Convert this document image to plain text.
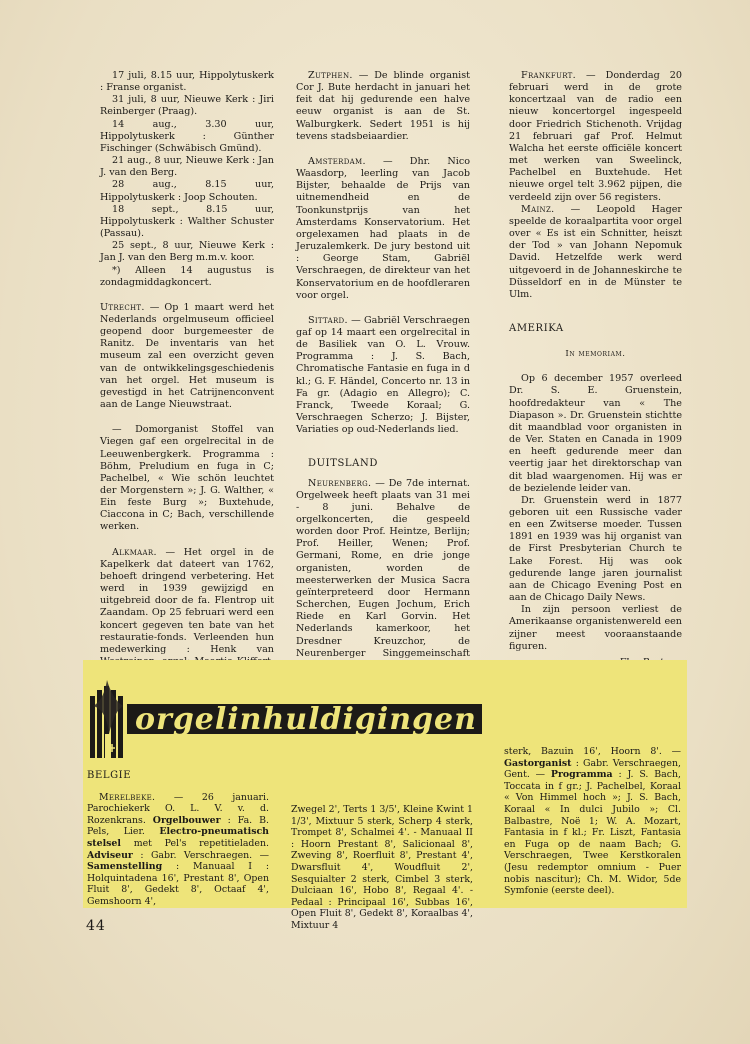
17 juli, 8.15 uur, Hippolytuskerk : Franse organist.

31 juli, 8 uur, Nieuwe Kerk : Jiri Reinberger (Praag).

14 aug., 3.30 uur, Hippolytuskerk : Günther Fischinger (Schwäbisch Gmünd).

21 aug., 8 uur, Nieuwe Kerk : Jan J. van den Berg.

28 aug., 8.15 uur, Hippolytuskerk : Joop Schouten.

18 sept., 8.15 uur, Hippolytuskerk : Walther Schuster (Passau).

25 sept., 8 uur, Nieuwe Kerk : Jan J. van den Berg m.m.v. koor.

*) Alleen 14 augustus is zondagmiddagkoncert.

Utrecht. — Op 1 maart werd het Nederlands orgelmuseum officieel geopend door burgemeester de Ranitz. De inventaris van het museum zal een overzicht geven van de ontwikkelingsgeschiedenis van het orgel. Het museum is gevestigd in het Catrijnenconvent aan de Lange Nieuwstraat.

— Domorganist Stoffel van Viegen gaf een orgelrecital in de Leeuwenbergkerk. Programma : Böhm, Preludium en fuga in C; Pachelbel, « Wie schön leuchtet der Morgenstern »; J. G. Walther, « Ein feste Burg »; Buxtehude, Ciaccona in C; Bach, verschillende werken.

Alkmaar. — Het orgel in de Kapelkerk dat dateert van 1762, behoeft dringend verbetering. Het werd in 1939 gewijzigd en uitgebreid door de fa. Flentrop uit Zaandam. Op 25 februari werd een koncert gegeven ten bate van het restauratie-fonds. Verleenden hun medewerking : Henk van

Zutphen. — De blinde organist Cor J. Bute herdacht in januari het feit dat hij gedurende een halve eeuw organist is aan de St. Walburgkerk. Sedert 1951 is hij tevens stadsbeiaardier.

Amsterdam. — Dhr. Nico Waasdorp, leerling van Jacob Bijster, behaalde de Prijs van uitnemendheid en de Toonkunstprijs van het Amsterdams Konservatorium. Het orgelexamen had plaats in de Jeruzalemkerk. De jury bestond uit : George Stam, Gabriël Verschraegen, de direkteur van het Konservatorium en de hoofdleraren voor orgel.

Sittard. — Gabriël Verschraegen gaf op 14 maart een orgelrecital in de Basiliek van O. L. Vrouw. Programma : J. S. Bach, Chromatische Fantasie en fuga in d kl.; G. F. Händel, Concerto nr. 13 in Fa gr. (Adagio en Allegro); C. Franck, Tweede Koraal; G. Verschraegen Scherzo; J. Bijster, Variaties op oud-Nederlands lied.

DUITSLAND

Neurenberg. — De 7de internat. Orgelweek heeft plaats van 31 mei - 8 juni. Behalve de orgelkoncerten, die gespeeld worden door Prof. Heintze, Berlijn; Prof. Heiller, Wenen; Prof. Germani, Rome, en drie jonge organisten, worden de meesterwerken der Musica Sacra geïnterpreteerd door Hermann Scherchen, Eugen Jochum, Erich Riede en Karl Gorvin. Het Nederlands kamerkoor, het Dresdner Kreuzchor, de Neurenberger Singgemeinschaft

Frankfurt. — Donderdag 20 februari werd in de grote koncertzaal van de radio een nieuw koncertorgel ingespeeld door Friedrich Stichenoth. Vrijdag 21 februari gaf Prof. Helmut Walcha het eerste officiële koncert met werken van Sweelinck, Pachelbel en Buxtehude. Het nieuwe orgel telt 3.962 pijpen, die verdeeld zijn over 56 registers.

Mainz. — Leopold Hager speelde de koraalpartita voor orgel over « Es ist ein Schnitter, heiszt der Tod » van Johann Nepomuk David. Hetzelfde werk werd uitgevoerd in de Johanneskirche te Düsseldorf en in de Münster te Ulm.

AMERIKA

In memoriam.

Op 6 december 1957 overleed Dr. S. E. Gruenstein, hoofdredakteur van « The Diapason ». Dr. Gruenstein stichtte dit maandblad voor organisten in de Ver. Staten en Canada in 1909 en heeft gedurende meer dan veertig jaar het direktorschap van dit blad waargenomen. Hij was er de bezielende leider van.

Dr. Gruenstein werd in 1877 geboren uit een Russische vader en een Zwitserse moeder. Tussen 1891 en 1939 was hij organist van de First Presbyterian Church te Lake Forest. Hij was ook gedurende lange jaren journalist aan de Chicago Evening Post en aan de Chicago Daily News.

In zijn persoon verliest de Amerikaanse organistenwereld een zijner meest vooraanstaande figuren.

orgelinhuldigingen

BELGIE

Merelbeke. — 26 januari. Parochiekerk O. L. V. v. d. Rozenkrans. Orgelbouwer : Fa. B. Pels, Lier. Electro-pneumatisch stelsel met Pel's repetitieladen. Adviseur : Gabr. Verschraegen. — Samenstelling : Manuaal I : Holquintadena 16', Prestant 8', Open Fluit 8', Gedekt 8', Octaaf 4', Gemshoorn 4',

Zwegel 2', Terts 1 3/5', Kleine Kwint 1 1/3', Mixtuur 5 sterk, Scherp 4 sterk, Trompet 8', Schalmei 4'. - Manuaal II : Hoorn Prestant 8', Salicionaal 8', Zweving 8', Roerfluit 8', Prestant 4', Dwarsfluit 4', Woudfluit 2', Sesquialter 2 sterk, Cimbel 3 sterk, Dulciaan 16', Hobo 8', Regaal 4'. - Pedaal : Principaal 16', Subbas 16', Open Fluit 8', Gedekt 8', Koraalbas 4', Mixtuur 4

sterk, Bazuin 16', Hoorn 8'. — Gastorganist : Gabr. Verschraegen, Gent. — Programma : J. S. Bach, Toccata in f gr.; J. Pachelbel, Koraal « Von Himmel hoch »; J. S. Bach, Koraal « In dulci Jubilo »; Cl. Balbastre, Noë 1; W. A. Mozart, Fantasia in f kl.; Fr. Liszt, Fantasia en Fuga op de naam Bach; G. Verschraegen, Twee Kerstkoralen (Jesu redemptor omnium - Puer nobis nascitur); Ch. M. Widor, 5de Symfonie (eerste deel).

44
